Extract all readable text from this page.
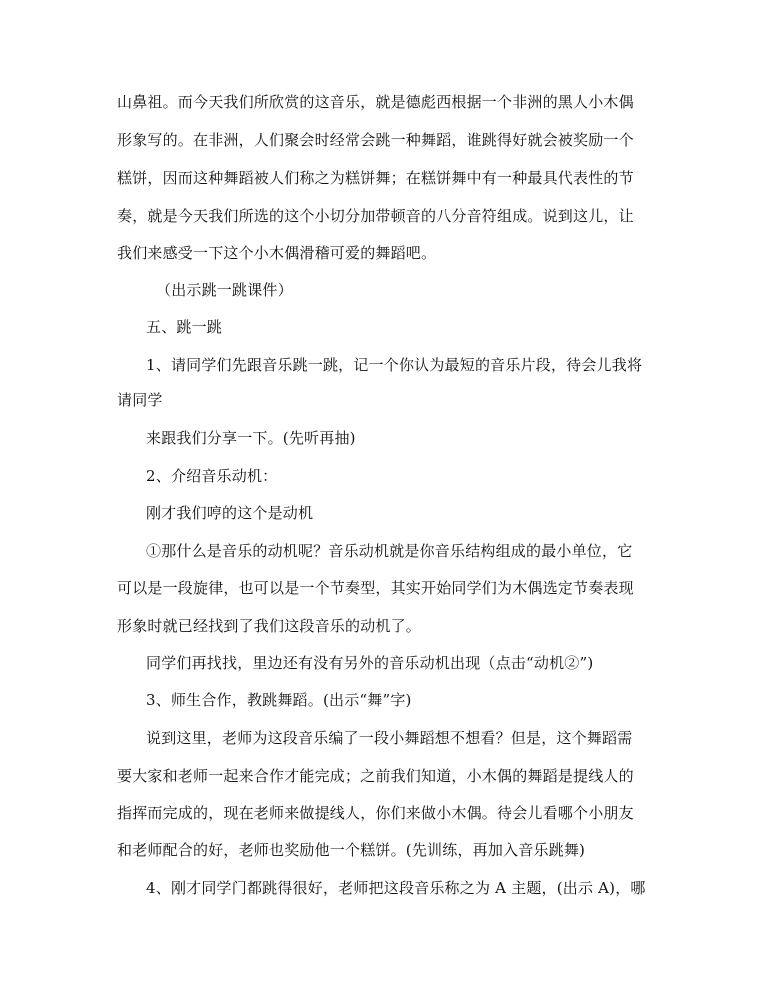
山鼻祖。而今天我们所欣赏的这音乐，就是德彪西根据一个非洲的黑人小木偶
形象写的。在非洲，人们聚会时经常会跳一种舞蹈，谁跳得好就会被奖励一个
糕饼，因而这种舞蹈被人们称之为糕饼舞；在糕饼舞中有一种最具代表性的节
奏，就是今天我们所选的这个小切分加带顿音的八分音符组成。说到这儿，让
我们来感受一下这个小木偶滑稽可爱的舞蹈吧。
（出示跳一跳课件）
五、跳一跳
1、请同学们先跟音乐跳一跳，记一个你认为最短的音乐片段，待会儿我将
请同学
来跟我们分享一下。(先听再抽)
2、介绍音乐动机：
刚才我们哼的这个是动机
①那什么是音乐的动机呢？音乐动机就是你音乐结构组成的最小单位，它
可以是一段旋律，也可以是一个节奏型，其实开始同学们为木偶选定节奏表现
形象时就已经找到了我们这段音乐的动机了。
同学们再找找，里边还有没有另外的音乐动机出现（点击“动机②”)
3、师生合作，教跳舞蹈。(出示“舞”字)
说到这里，老师为这段音乐编了一段小舞蹈想不想看？但是，这个舞蹈需
要大家和老师一起来合作才能完成；之前我们知道，小木偶的舞蹈是提线人的
指挥而完成的，现在老师来做提线人，你们来做小木偶。待会儿看哪个小朋友
和老师配合的好，老师也奖励他一个糕饼。(先训练，再加入音乐跳舞)
4、刚才同学门都跳得很好，老师把这段音乐称之为 A 主题，(出示 A)，哪
